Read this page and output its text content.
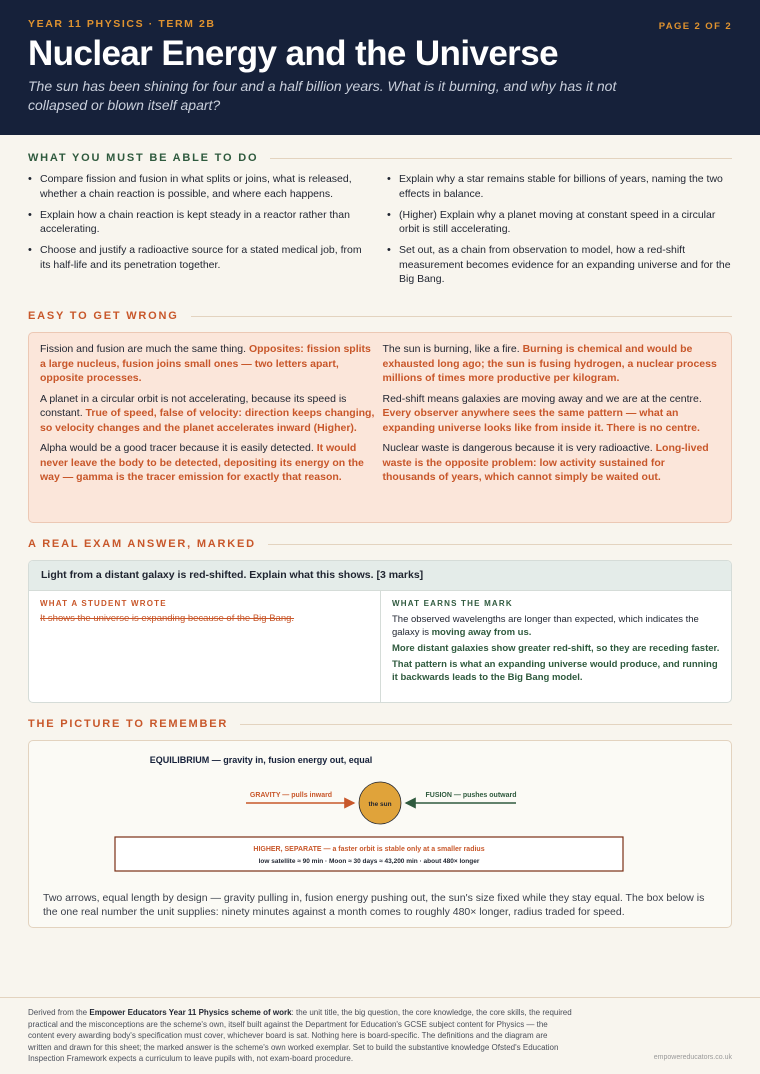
YEAR 11 PHYSICS · TERM 2B	PAGE 2 OF 2
Nuclear Energy and the Universe
The sun has been shining for four and a half billion years. What is it burning, and why has it not collapsed or blown itself apart?
WHAT YOU MUST BE ABLE TO DO
• Compare fission and fusion in what splits or joins, what is released, whether a chain reaction is possible, and where each happens.
• Explain how a chain reaction is kept steady in a reactor rather than accelerating.
• Choose and justify a radioactive source for a stated medical job, from its half-life and its penetration together.
• Explain why a star remains stable for billions of years, naming the two effects in balance.
• (Higher) Explain why a planet moving at constant speed in a circular orbit is still accelerating.
• Set out, as a chain from observation to model, how a red-shift measurement becomes evidence for an expanding universe and for the Big Bang.
EASY TO GET WRONG

Fission and fusion are much the same thing. Opposites: fission splits a large nucleus, fusion joins small ones — two letters apart, opposite processes.

A planet in a circular orbit is not accelerating, because its speed is constant. True of speed, false of velocity: direction keeps changing, so velocity changes and the planet accelerates inward (Higher).

Alpha would be a good tracer because it is easily detected. It would never leave the body to be detected, depositing its energy on the way — gamma is the tracer emission for exactly that reason.

The sun is burning, like a fire. Burning is chemical and would be exhausted long ago; the sun is fusing hydrogen, a nuclear process millions of times more productive per kilogram.

Red-shift means galaxies are moving away and we are at the centre. Every observer anywhere sees the same pattern — what an expanding universe looks like from inside it. There is no centre.

Nuclear waste is dangerous because it is very radioactive. Long-lived waste is the opposite problem: low activity sustained for thousands of years, which cannot simply be waited out.

A REAL EXAM ANSWER, MARKED
Light from a distant galaxy is red-shifted. Explain what this shows. [3 marks]
WHAT A STUDENT WROTE
It shows the universe is expanding because of the Big Bang.
WHAT EARNS THE MARK

The observed wavelengths are longer than expected, which indicates the galaxy is moving away from us.

More distant galaxies show greater red-shift, so they are receding faster.

That pattern is what an expanding universe would produce, and running it backwards leads to the Big Bang model.

THE PICTURE TO REMEMBER
EQUILIBRIUM — gravity in, fusion energy out, equal
GRAVITY — pulls inward	FUSION — pushes outward
the sun
HIGHER, SEPARATE — a faster orbit is stable only at a smaller radius
low satellite ≈ 90 min · Moon ≈ 30 days ≈ 43,200 min · about 480× longer
Two arrows, equal length by design — gravity pulling in, fusion energy pushing out, the sun's size fixed while they stay equal. The box below is the one real number the unit supplies: ninety minutes against a month comes to roughly 480× longer, radius traded for speed.

Derived from the Empower Educators Year 11 Physics scheme of work: the unit title, the big question, the core knowledge, the core skills, the required practical and the misconceptions are the scheme's own, itself built against the Department for Education's GCSE subject content for Physics — the content every awarding body's specification must cover, whichever board is sat. Nothing here is board-specific. The definitions and the diagram are written and drawn for this sheet; the marked answer is the scheme's own worked exemplar. Set to build the substantive knowledge Ofsted's Education Inspection Framework expects a curriculum to leave pupils with, not exam-board procedure.	empowereducators.co.uk
